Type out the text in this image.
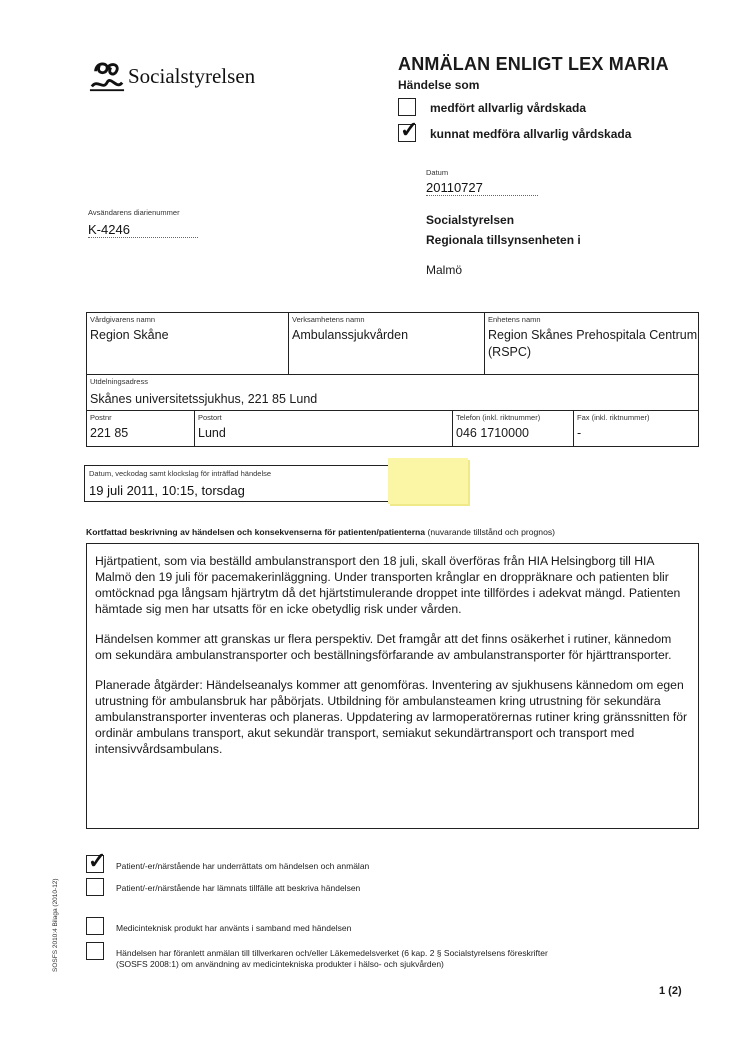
Socialstyrelsen	ANMÄLAN ENLIGT LEX MARIA
Händelse som
medfört allvarlig vårdskada
✓ kunnat medföra allvarlig vårdskada
Datum
20110727
Avsändarens diarienummer
K-4246
Socialstyrelsen
Regionala tillsynsenheten i
Malmö
Vårdgivarens namn
Region Skåne
Verksamhetens namn
Ambulanssjukvården
Enhetens namn
Region Skånes Prehospitala Centrum
(RSPC)
Utdelningsadress
Skånes universitetssjukhus, 221 85 Lund
Postnr
221 85
Postort
Lund
Telefon (inkl. riktnummer)
046 1710000
Fax (inkl. riktnummer)
-
Datum, veckodag samt klockslag för inträffad händelse
19 juli 2011, 10:15, torsdag
Kortfattad beskrivning av händelsen och konsekvenserna för patienten/patienterna (nuvarande tillstånd och prognos)

Hjärtpatient, som via beställd ambulanstransport den 18 juli, skall överföras från HIA Helsingborg till HIA Malmö den 19 juli för pacemakerinläggning. Under transporten krånglar en droppräknare och patienten blir omtöcknad pga långsam hjärtrytm då det hjärtstimulerande droppet inte tillfördes i adekvat mängd. Patienten hämtade sig men har utsatts för en icke obetydlig risk under vården.

Händelsen kommer att granskas ur flera perspektiv. Det framgår att det finns osäkerhet i rutiner, kännedom om sekundära ambulanstransporter och beställningsförfarande av ambulanstransporter för hjärttransporter.

Planerade åtgärder: Händelseanalys kommer att genomföras. Inventering av sjukhusens kännedom om egen utrustning för ambulansbruk har påbörjats. Utbildning för ambulansteamen kring utrustning för sekundära ambulanstransporter inventeras och planeras. Uppdatering av larmoperatörernas rutiner kring gränssnitten för ordinär ambulans transport, akut sekundär transport, semiakut sekundärtransport och transport med intensivvårdsambulans.

✓ Patient/-er/närstående har underrättats om händelsen och anmälan
Patient/-er/närstående har lämnats tillfälle att beskriva händelsen
Medicinteknisk produkt har använts i samband med händelsen
Händelsen har föranlett anmälan till tillverkaren och/eller Läkemedelsverket (6 kap. 2 § Socialstyrelsens föreskrifter (SOSFS 2008:1) om användning av medicintekniska produkter i hälso- och sjukvården)
SOSFS 2010:4 Bilaga (2010-12)
1 (2)
